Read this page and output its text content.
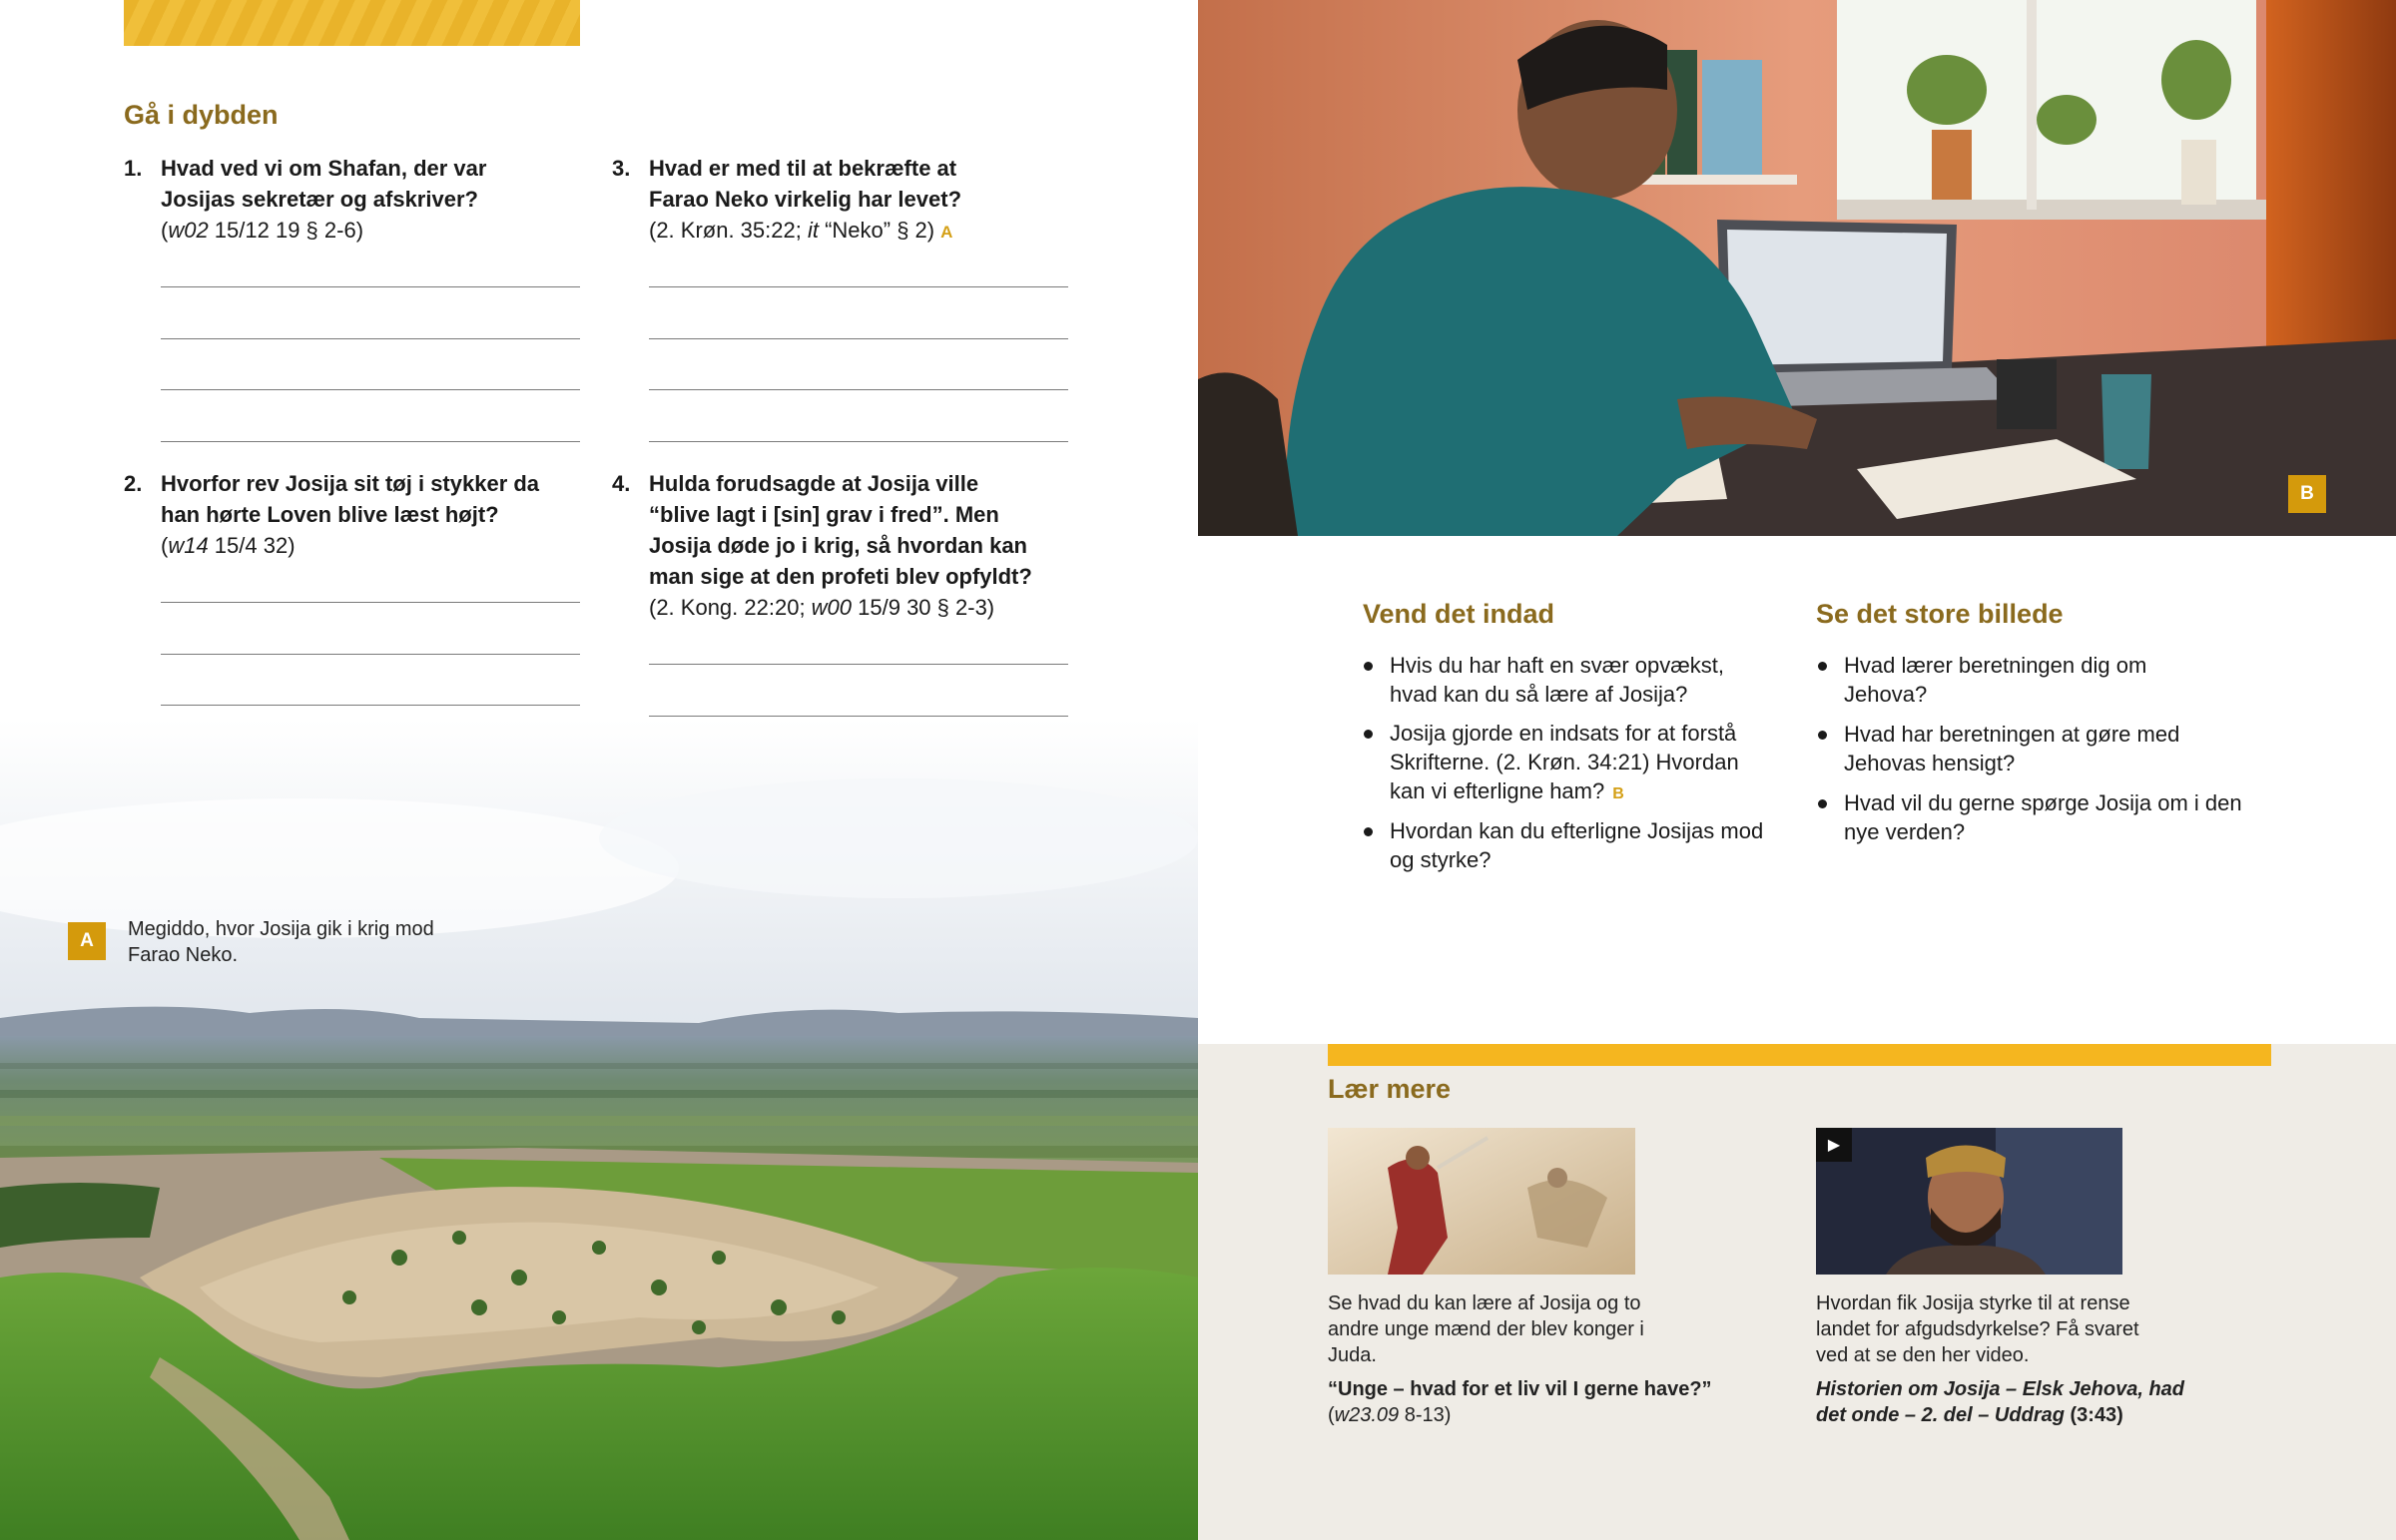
Gå i dybden
1. Hvad ved vi om Shafan, der var Josijas sekretær og afskriver?
(w02 15/12 19 § 2-6)
2. Hvorfor rev Josija sit tøj i stykker da han hørte Loven blive læst højt?
(w14 15/4 32)
3. Hvad er med til at bekræfte at Farao Neko virkelig har levet?
(2. Krøn. 35:22; it “Neko” § 2) A
4. Hulda forudsagde at Josija ville “blive lagt i [sin] grav i fred”. Men Josija døde jo i krig, så hvordan kan man sige at den profeti blev opfyldt?
(2. Kong. 22:20; w00 15/9 30 § 2-3)
A
Megiddo, hvor Josija gik i krig mod Farao Neko.
B
Vend det indad
Hvis du har haft en svær opvækst, hvad kan du så lære af Josija?
Josija gjorde en indsats for at forstå Skrifterne. (2. Krøn. 34:21) Hvordan kan vi efterligne ham? B
Hvordan kan du efterligne Josijas mod og styrke?
Se det store billede
Hvad lærer beretningen dig om Jehova?
Hvad har beretningen at gøre med Jehovas hensigt?
Hvad vil du gerne spørge Josija om i den nye verden?
Lær mere
Se hvad du kan lære af Josija og to andre unge mænd der blev konger i Juda.
“Unge – hvad for et liv vil I gerne have?”
(w23.09 8-13)
▶
Hvordan fik Josija styrke til at rense landet for afgudsdyrkelse? Få svaret ved at se den her video.
Historien om Josija – Elsk Jehova, had det onde – 2. del – Uddrag (3:43)
